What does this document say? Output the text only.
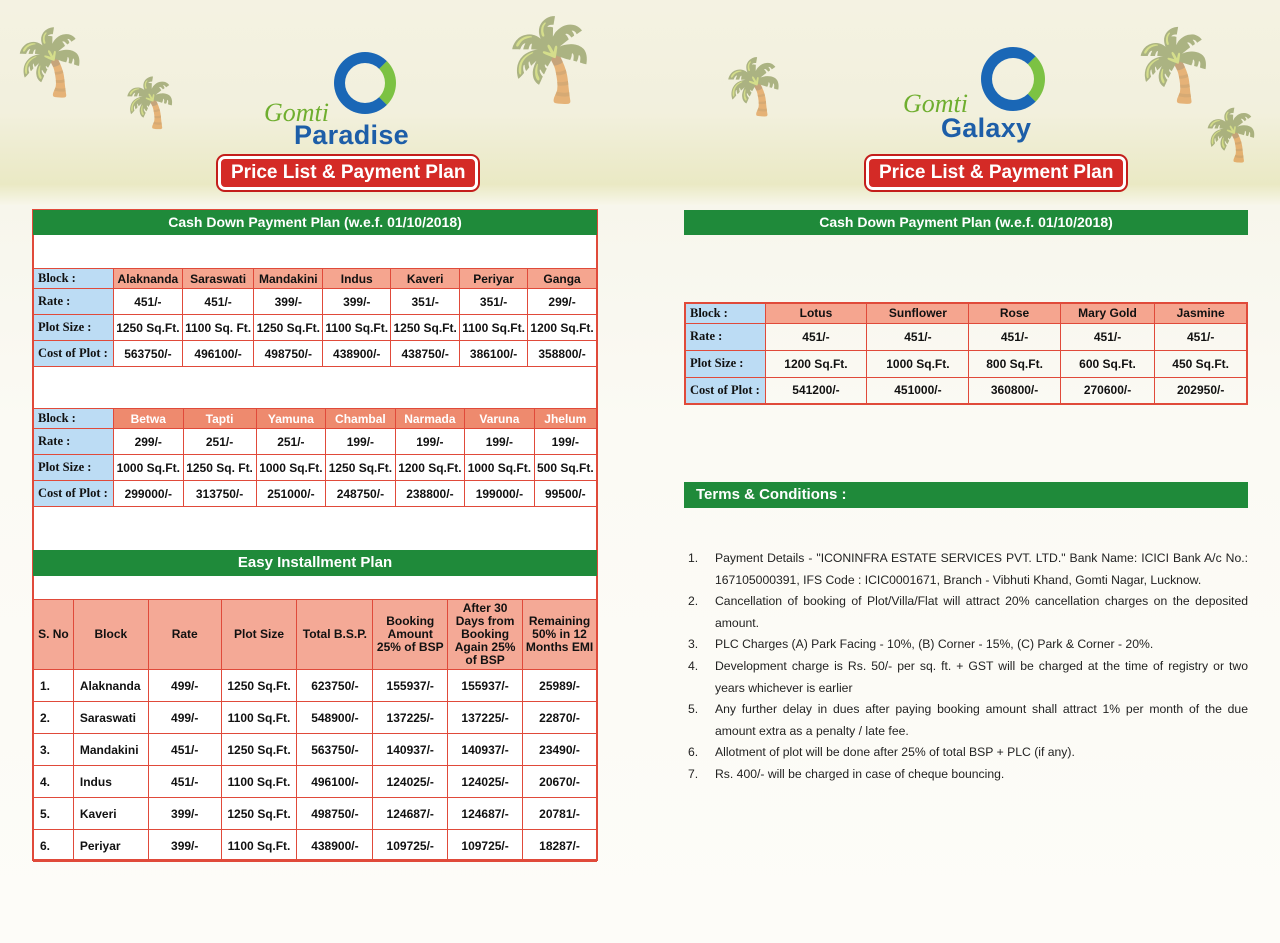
🌴
🌴	🌴 🌴	🌴
🌴
Gomti
Paradise
Price List & Payment Plan
Gomti
Galaxy
Price List & Payment Plan
Cash Down Payment Plan (w.e.f. 01/10/2018)
Block :	Alaknanda	Saraswati	Mandakini	Indus	Kaveri	Periyar	Ganga
Rate :	451/-	451/-	399/-	399/-	351/-	351/-	299/-
Plot Size :	1250 Sq.Ft.	1100 Sq. Ft.	1250 Sq.Ft.	1100 Sq.Ft.	1250 Sq.Ft.	1100 Sq.Ft.	1200 Sq.Ft.
Cost of Plot :	563750/-	496100/-	498750/-	438900/-	438750/-	386100/-	358800/-
Block :	Betwa	Tapti	Yamuna	Chambal	Narmada	Varuna	Jhelum
Rate :	299/-	251/-	251/-	199/-	199/-	199/-	199/-
Plot Size :	1000 Sq.Ft.	1250 Sq. Ft.	1000 Sq.Ft.	1250 Sq.Ft.	1200 Sq.Ft.	1000 Sq.Ft.	500 Sq.Ft.
Cost of Plot :	299000/-	313750/-	251000/-	248750/-	238800/-	199000/-	99500/-
Easy Installment Plan
S. No	Block	Rate	Plot Size	Total B.S.P.	Booking Amount 25% of BSP	After 30 Days from Booking Again 25% of BSP	Remaining 50% in 12 Months EMI
1.	Alaknanda	499/-	1250 Sq.Ft.	623750/-	155937/-	155937/-	25989/-
2.	Saraswati	499/-	1100 Sq.Ft.	548900/-	137225/-	137225/-	22870/-
3.	Mandakini	451/-	1250 Sq.Ft.	563750/-	140937/-	140937/-	23490/-
4.	Indus	451/-	1100 Sq.Ft.	496100/-	124025/-	124025/-	20670/-
5.	Kaveri	399/-	1250 Sq.Ft.	498750/-	124687/-	124687/-	20781/-
6.	Periyar	399/-	1100 Sq.Ft.	438900/-	109725/-	109725/-	18287/-
Cash Down Payment Plan (w.e.f. 01/10/2018)
Block :	Lotus	Sunflower	Rose	Mary Gold	Jasmine
Rate :	451/-	451/-	451/-	451/-	451/-
Plot Size :	1200 Sq.Ft.	1000 Sq.Ft.	800 Sq.Ft.	600 Sq.Ft.	450 Sq.Ft.
Cost of Plot :	541200/-	451000/-	360800/-	270600/-	202950/-
Terms & Conditions :
1. Payment Details - "ICONINFRA ESTATE SERVICES PVT. LTD." Bank Name: ICICI Bank A/c No.: 167105000391, IFS Code : ICIC0001671, Branch - Vibhuti Khand, Gomti Nagar, Lucknow.
2. Cancellation of booking of Plot/Villa/Flat will attract 20% cancellation charges on the deposited amount.
3. PLC Charges (A) Park Facing - 10%, (B) Corner - 15%, (C) Park & Corner - 20%.
4. Development charge is Rs. 50/- per sq. ft. + GST will be charged at the time of registry or two years whichever is earlier
5. Any further delay in dues after paying booking amount shall attract 1% per month of the due amount extra as a penalty / late fee.
6. Allotment of plot will be done after 25% of total BSP + PLC (if any).
7. Rs. 400/- will be charged in case of cheque bouncing.
